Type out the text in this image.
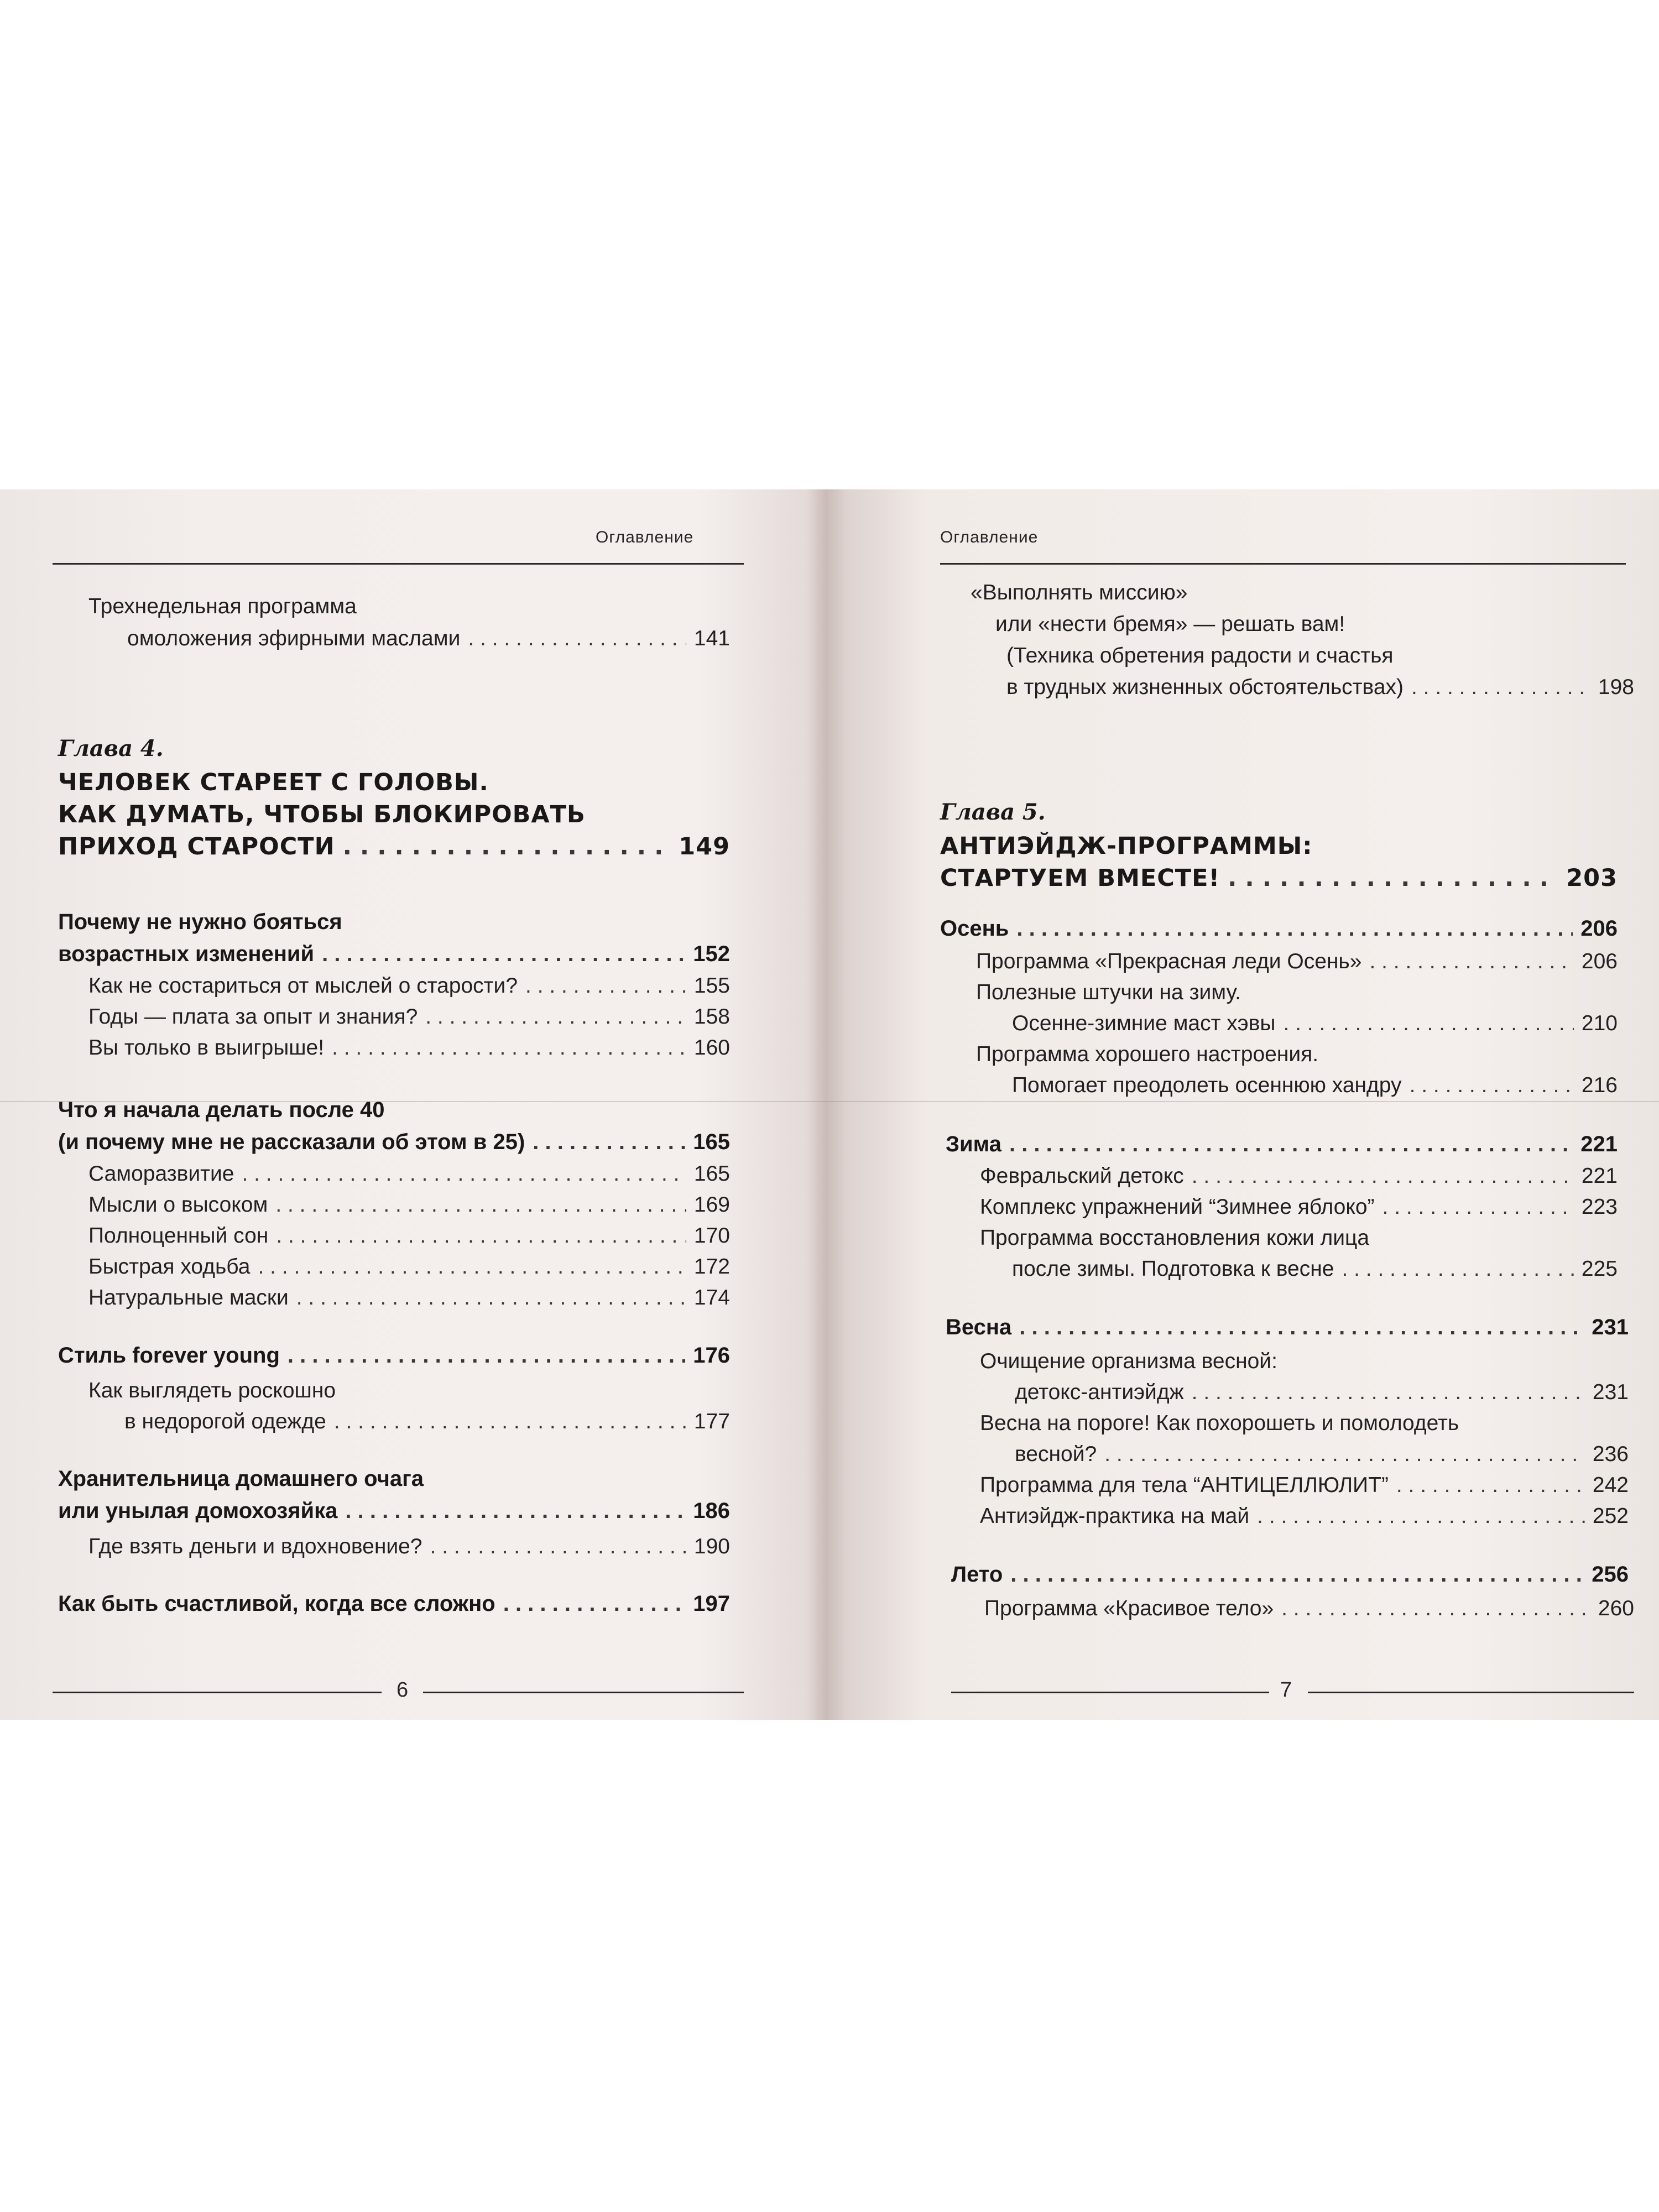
Оглавление
Трехнедельная программа
омоложения эфирными маслами . . .	141
Глава 4.
ЧЕЛОВЕК СТАРЕЕТ С ГОЛОВЫ.
КАК ДУМАТЬ, ЧТОБЫ БЛОКИРОВАТЬ
ПРИХОД СТАРОСТИ . . .	149
Почему не нужно бояться
возрастных изменений . . .	152
Как не состариться от мыслей о старости? . . .	155
Годы — плата за опыт и знания? . . .	158
Вы только в выигрыше! . . .	160
Что я начала делать после 40
(и почему мне не рассказали об этом в 25) . . .	165
Саморазвитие . . .	165
Мысли о высоком . . .	169
Полноценный сон . . .	170
Быстрая ходьба . . .	172
Натуральные маски . . .	174
Стиль forever young . . .	176
Как выглядеть роскошно
в недорогой одежде . . .	177
Хранительница домашнего очага
или унылая домохозяйка . . .	186
Где взять деньги и вдохновение? . . .	190
Как быть счастливой, когда все сложно . . .	197
6
Оглавление
«Выполнять миссию»
или «нести бремя» — решать вам!
(Техника обретения радости и счастья
в трудных жизненных обстоятельствах) . . .	198
Глава 5.
АНТИЭЙДЖ-ПРОГРАММЫ:
СТАРТУЕМ ВМЕСТЕ! . . .	203
Осень . . .	206
Программа «Прекрасная леди Осень» . . .	206
Полезные штучки на зиму.
Осенне-зимние маст хэвы . . .	210
Программа хорошего настроения.
Помогает преодолеть осеннюю хандру . . .	216
Зима . . .	221
Февральский детокс . . .	221
Комплекс упражнений “Зимнее яблоко” . . .	223
Программа восстановления кожи лица
после зимы. Подготовка к весне . . .	225
Весна . . .	231
Очищение организма весной:
детокс-антиэйдж . . .	231
Весна на пороге! Как похорошеть и помолодеть
весной? . . .	236
Программа для тела “АНТИЦЕЛЛЮЛИТ” . . .	242
Антиэйдж-практика на май . . .	252
Лето . . .	256
Программа «Красивое тело» . . .	260
7
